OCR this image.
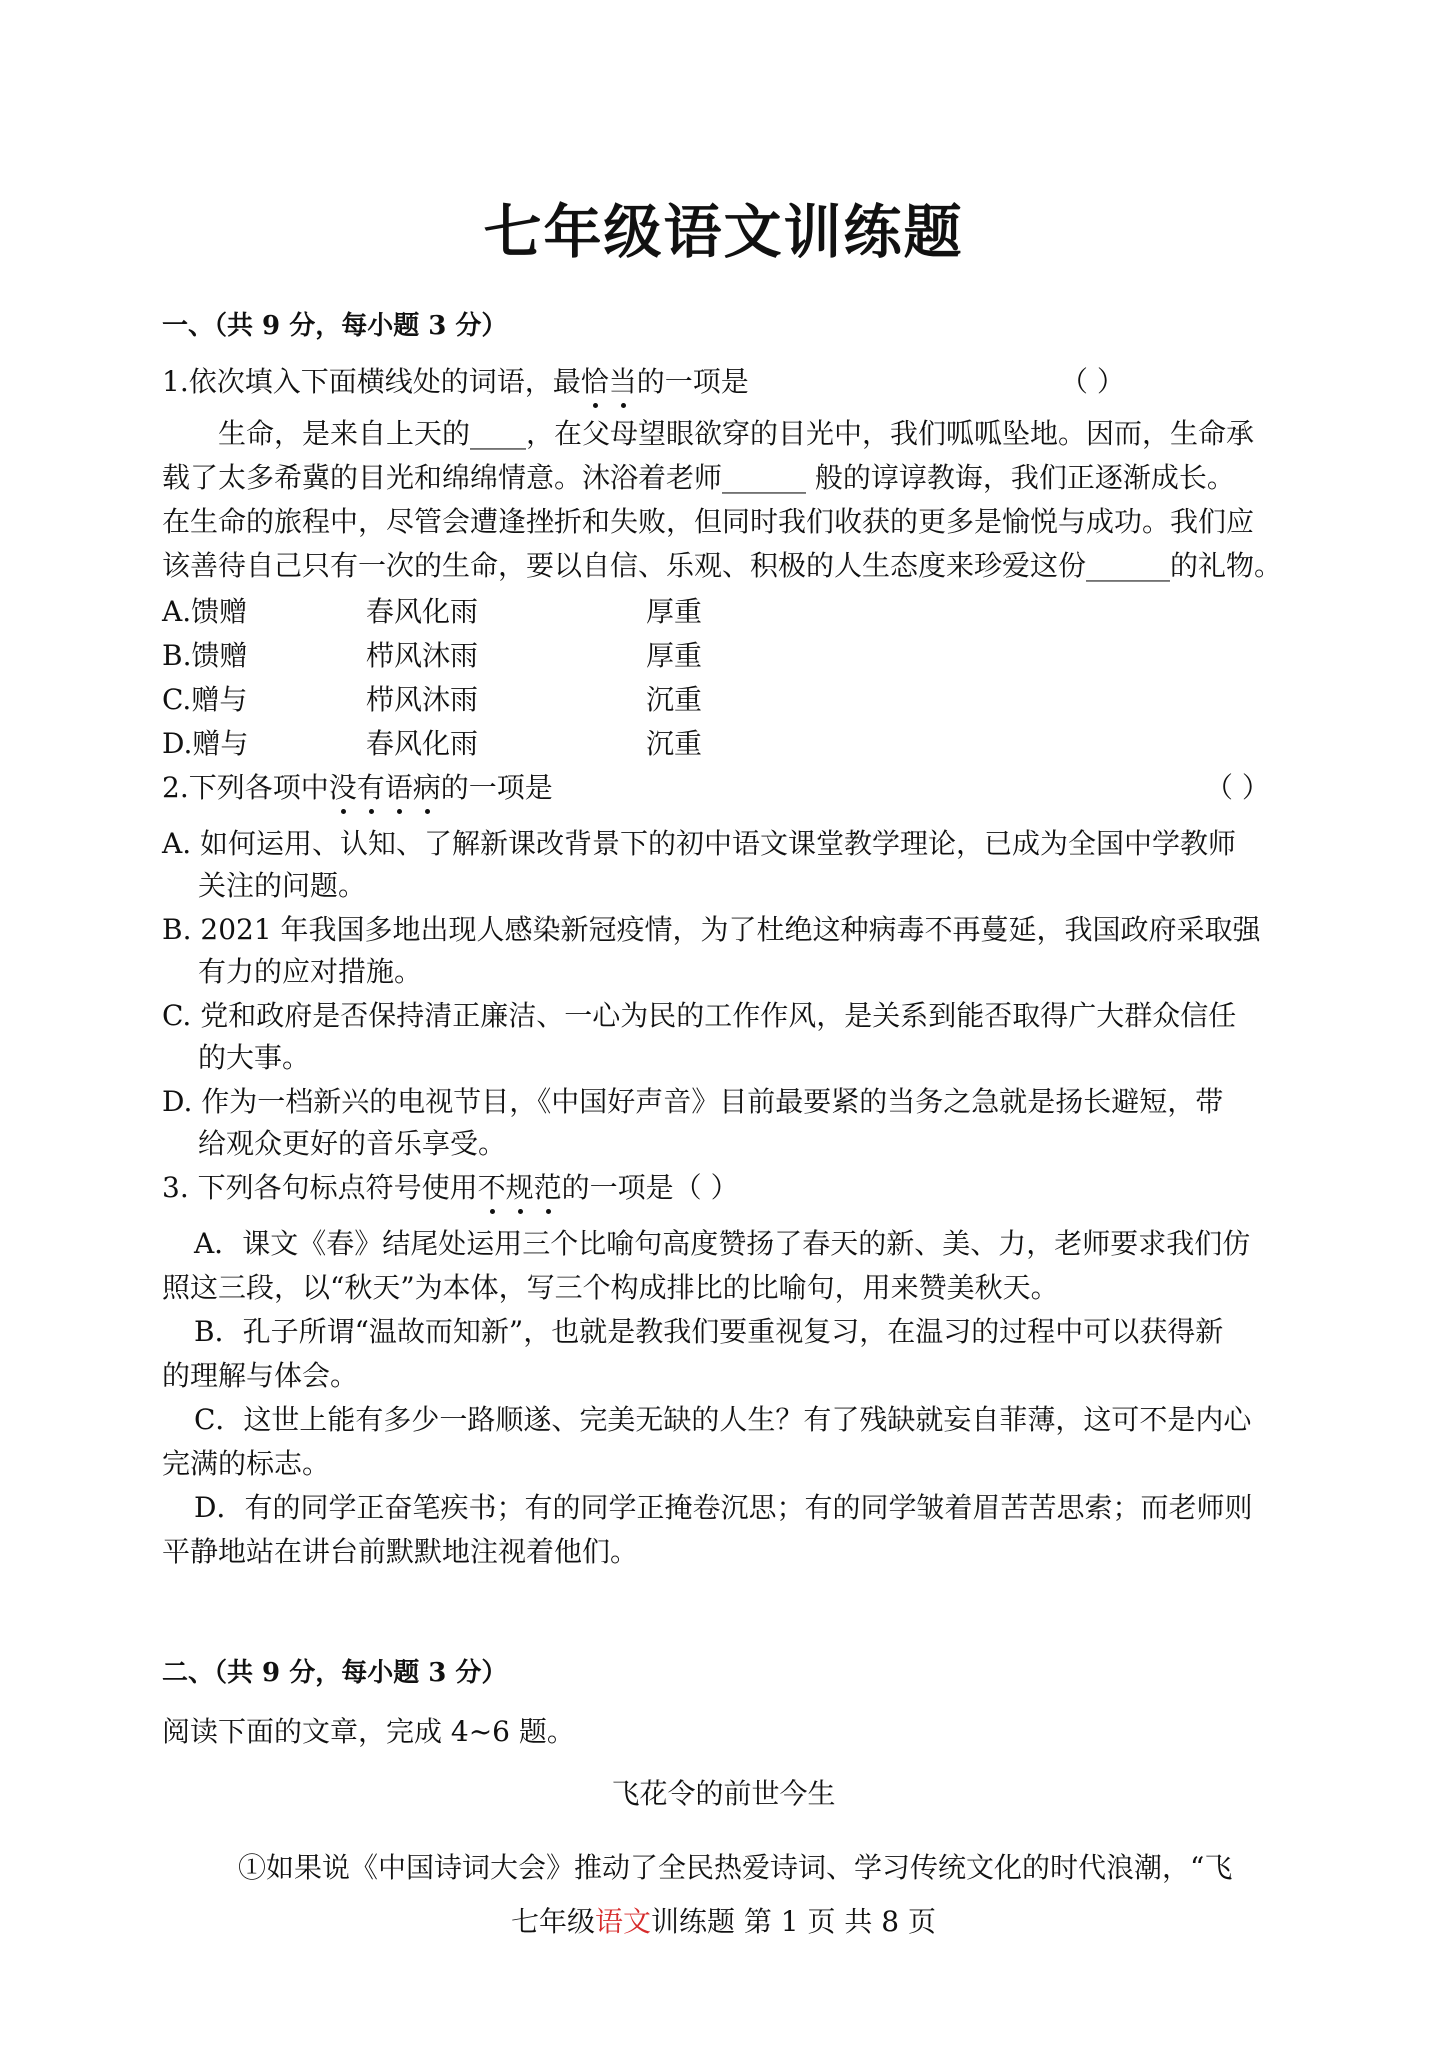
七年级语文训练题
一、（共 9 分，每小题 3 分）
1.依次填入下面横线处的词语，最恰当的一项是	（ ）
生命，是来自上天的____，在父母望眼欲穿的目光中，我们呱呱坠地。因而，生命承
载了太多希冀的目光和绵绵情意。沐浴着老师______ 般的谆谆教诲，我们正逐渐成长。
在生命的旅程中，尽管会遭逢挫折和失败，但同时我们收获的更多是愉悦与成功。我们应
该善待自己只有一次的生命，要以自信、乐观、积极的人生态度来珍爱这份______的礼物。
A.馈赠	春风化雨	厚重
B.馈赠	栉风沐雨	厚重
C.赠与	栉风沐雨	沉重
D.赠与	春风化雨	沉重
2.下列各项中没有语病的一项是	（ ）
A. 如何运用、认知、了解新课改背景下的初中语文课堂教学理论，已成为全国中学教师
关注的问题。
B. 2021 年我国多地出现人感染新冠疫情，为了杜绝这种病毒不再蔓延，我国政府采取强
有力的应对措施。
C. 党和政府是否保持清正廉洁、一心为民的工作作风，是关系到能否取得广大群众信任
的大事。
D. 作为一档新兴的电视节目，《中国好声音》目前最要紧的当务之急就是扬长避短，带
给观众更好的音乐享受。
3. 下列各句标点符号使用不规范的一项是（ ）
A．课文《春》结尾处运用三个比喻句高度赞扬了春天的新、美、力，老师要求我们仿
照这三段，以“秋天”为本体，写三个构成排比的比喻句，用来赞美秋天。
B．孔子所谓“温故而知新”，也就是教我们要重视复习，在温习的过程中可以获得新
的理解与体会。
C．这世上能有多少一路顺遂、完美无缺的人生？有了残缺就妄自菲薄，这可不是内心
完满的标志。
D．有的同学正奋笔疾书；有的同学正掩卷沉思；有的同学皱着眉苦苦思索；而老师则
平静地站在讲台前默默地注视着他们。
二、（共 9 分，每小题 3 分）
阅读下面的文章，完成 4~6 题。
飞花令的前世今生
①如果说《中国诗词大会》推动了全民热爱诗词、学习传统文化的时代浪潮，“飞
七年级语文训练题 第 1 页 共 8 页
